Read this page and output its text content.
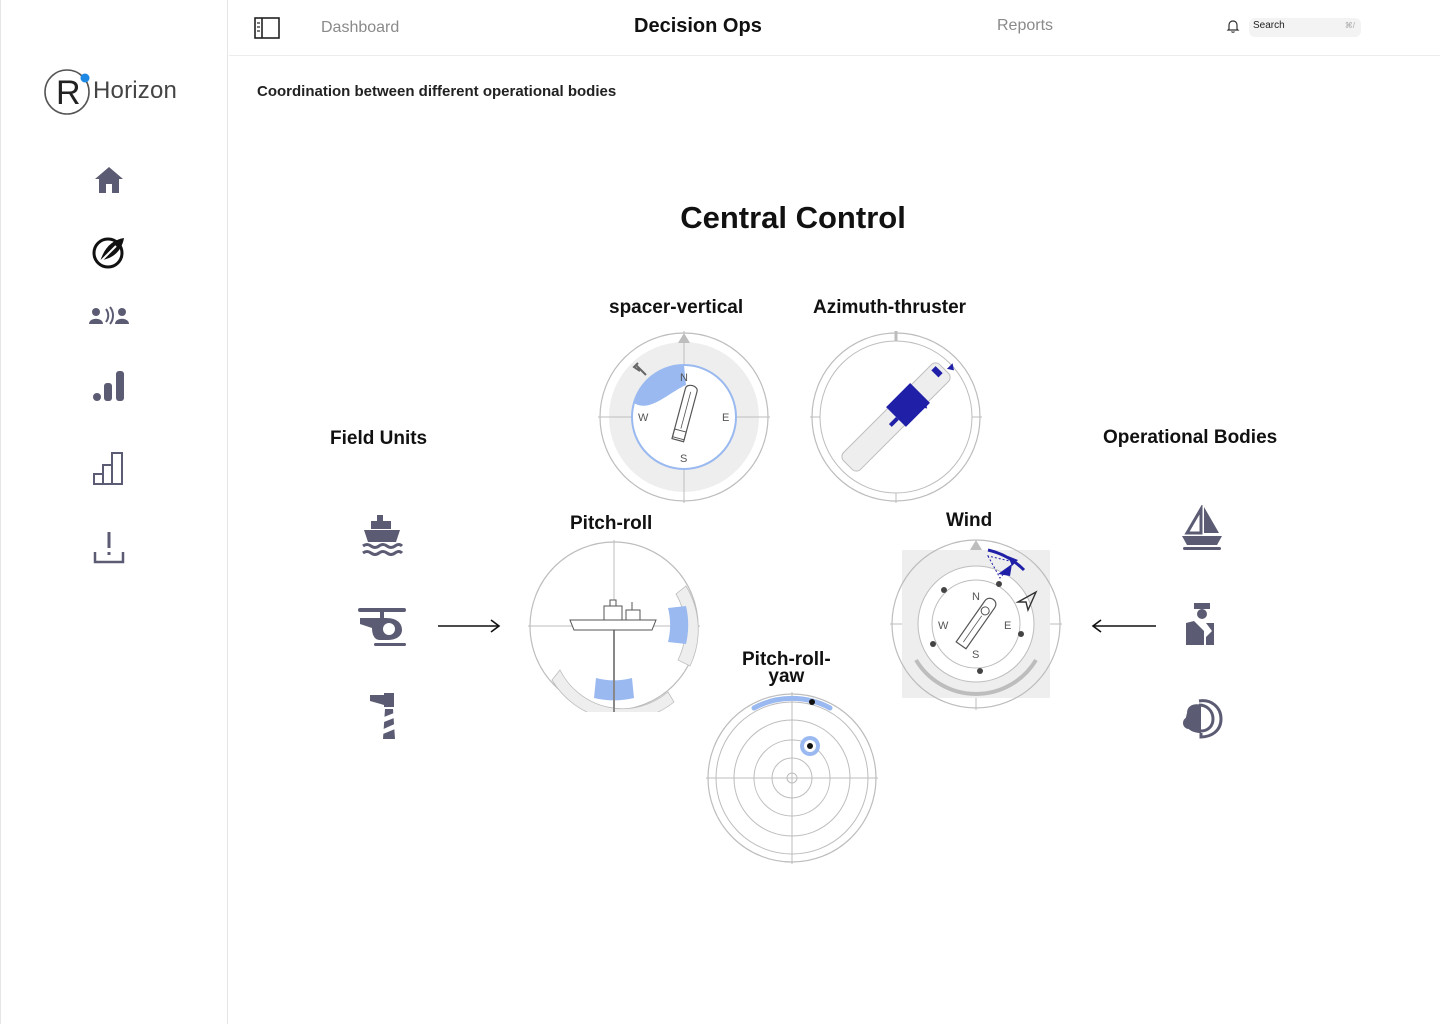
R Horizon
Dashboard	Decision Ops	Reports	Search	⌘/
Coordination between different operational bodies
Central Control
Field Units	Operational Bodies
spacer-vertical
N
S
E
W
Azimuth-thruster
Pitch-roll	Wind
N
S
E
W
Pitch-roll-
yaw
